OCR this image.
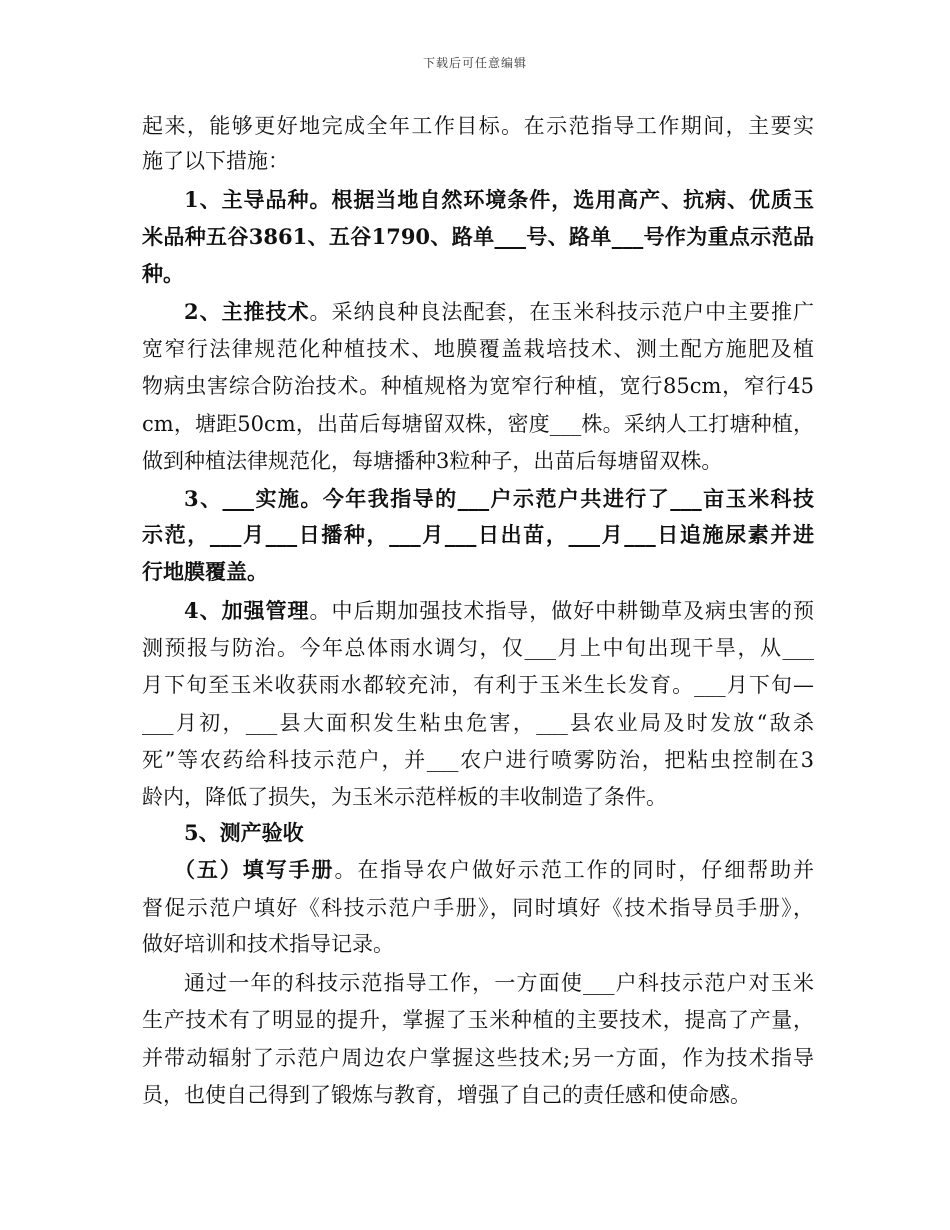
下载后可任意编辑
起来，能够更好地完成全年工作目标。在示范指导工作期间，主要实
施了以下措施：
1、主导品种。根据当地自然环境条件，选用高产、抗病、优质玉
米品种五谷3861、五谷1790、路单___号、路单___号作为重点示范品
种。
2、主推技术。采纳良种良法配套，在玉米科技示范户中主要推广
宽窄行法律规范化种植技术、地膜覆盖栽培技术、测土配方施肥及植
物病虫害综合防治技术。种植规格为宽窄行种植，宽行85cm，窄行45
cm，塘距50cm，出苗后每塘留双株，密度___株。采纳人工打塘种植，
做到种植法律规范化，每塘播种3粒种子，出苗后每塘留双株。
3、___实施。今年我指导的___户示范户共进行了___亩玉米科技
示范，___月___日播种，___月___日出苗，___月___日追施尿素并进
行地膜覆盖。
4、加强管理。中后期加强技术指导，做好中耕锄草及病虫害的预
测预报与防治。今年总体雨水调匀，仅___月上中旬出现干旱，从___
月下旬至玉米收获雨水都较充沛，有利于玉米生长发育。___月下旬—
___月初，___县大面积发生粘虫危害，___县农业局及时发放“敌杀
死”等农药给科技示范户，并___农户进行喷雾防治，把粘虫控制在3
龄内，降低了损失，为玉米示范样板的丰收制造了条件。
5、测产验收
（五）填写手册。在指导农户做好示范工作的同时，仔细帮助并
督促示范户填好《科技示范户手册》，同时填好《技术指导员手册》，
做好培训和技术指导记录。
通过一年的科技示范指导工作，一方面使___户科技示范户对玉米
生产技术有了明显的提升，掌握了玉米种植的主要技术，提高了产量，
并带动辐射了示范户周边农户掌握这些技术;另一方面，作为技术指导
员，也使自己得到了锻炼与教育，增强了自己的责任感和使命感。
